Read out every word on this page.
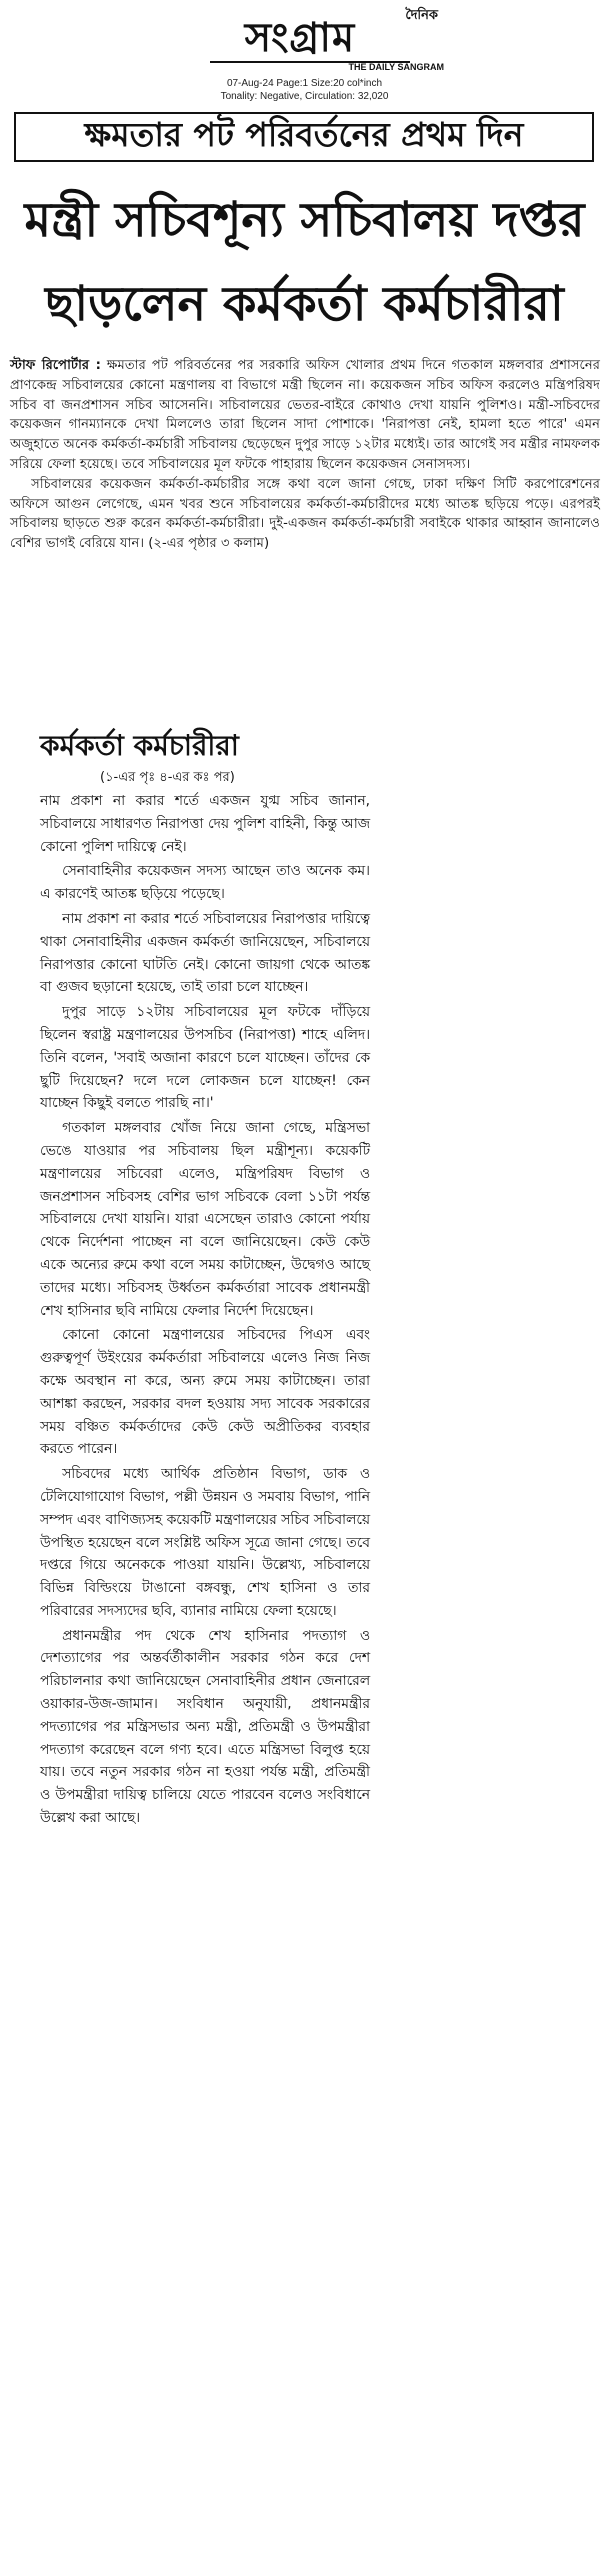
দৈনিক
সংগ্রাম
THE DAILY SANGRAM
07-Aug-24 Page:1 Size:20 col*inch
Tonality: Negative, Circulation: 32,020
ক্ষমতার পট পরিবর্তনের প্রথম দিন
মন্ত্রী সচিবশূন্য সচিবালয় দপ্তর
ছাড়লেন কর্মকর্তা কর্মচারীরা

স্টাফ রিপোর্টার : ক্ষমতার পট পরিবর্তনের পর সরকারি অফিস খোলার প্রথম দিনে গতকাল মঙ্গলবার প্রশাসনের প্রাণকেন্দ্র সচিবালয়ের কোনো মন্ত্রণালয় বা বিভাগে মন্ত্রী ছিলেন না। কয়েকজন সচিব অফিস করলেও মন্ত্রিপরিষদ সচিব বা জনপ্রশাসন সচিব আসেননি। সচিবালয়ের ভেতর-বাইরে কোথাও দেখা যায়নি পুলিশও। মন্ত্রী-সচিবদের কয়েকজন গানম্যানকে দেখা মিললেও তারা ছিলেন সাদা পোশাকে। 'নিরাপত্তা নেই, হামলা হতে পারে' এমন অজুহাতে অনেক কর্মকর্তা-কর্মচারী সচিবালয় ছেড়েছেন দুপুর সাড়ে ১২টার মধ্যেই। তার আগেই সব মন্ত্রীর নামফলক সরিয়ে ফেলা হয়েছে। তবে সচিবালয়ের মূল ফটকে পাহারায় ছিলেন কয়েকজন সেনাসদস্য।

সচিবালয়ের কয়েকজন কর্মকর্তা-কর্মচারীর সঙ্গে কথা বলে জানা গেছে, ঢাকা দক্ষিণ সিটি করপোরেশনের অফিসে আগুন লেগেছে, এমন খবর শুনে সচিবালয়ের কর্মকর্তা-কর্মচারীদের মধ্যে আতঙ্ক ছড়িয়ে পড়ে। এরপরই সচিবালয় ছাড়তে শুরু করেন কর্মকর্তা-কর্মচারীরা। দুই-একজন কর্মকর্তা-কর্মচারী সবাইকে থাকার আহ্বান জানালেও বেশির ভাগই বেরিয়ে যান। (২-এর পৃষ্ঠার ৩ কলাম)

কর্মকর্তা কর্মচারীরা
(১-এর পৃঃ ৪-এর কঃ পর)

নাম প্রকাশ না করার শর্তে একজন যুগ্ম সচিব জানান, সচিবালয়ে সাধারণত নিরাপত্তা দেয় পুলিশ বাহিনী, কিন্তু আজ কোনো পুলিশ দায়িত্বে নেই।

সেনাবাহিনীর কয়েকজন সদস্য আছেন তাও অনেক কম। এ কারণেই আতঙ্ক ছড়িয়ে পড়েছে।

নাম প্রকাশ না করার শর্তে সচিবালয়ের নিরাপত্তার দায়িত্বে থাকা সেনাবাহিনীর একজন কর্মকর্তা জানিয়েছেন, সচিবালয়ে নিরাপত্তার কোনো ঘাটতি নেই। কোনো জায়গা থেকে আতঙ্ক বা গুজব ছড়ানো হয়েছে, তাই তারা চলে যাচ্ছেন।

দুপুর সাড়ে ১২টায় সচিবালয়ের মূল ফটকে দাঁড়িয়ে ছিলেন স্বরাষ্ট্র মন্ত্রণালয়ের উপসচিব (নিরাপত্তা) শাহে এলিদ। তিনি বলেন, 'সবাই অজানা কারণে চলে যাচ্ছেন। তাঁদের কে ছুটি দিয়েছেন? দলে দলে লোকজন চলে যাচ্ছেন! কেন যাচ্ছেন কিছুই বলতে পারছি না।'

গতকাল মঙ্গলবার খোঁজ নিয়ে জানা গেছে, মন্ত্রিসভা ভেঙে যাওয়ার পর সচিবালয় ছিল মন্ত্রীশূন্য। কয়েকটি মন্ত্রণালয়ের সচিবেরা এলেও, মন্ত্রিপরিষদ বিভাগ ও জনপ্রশাসন সচিবসহ বেশির ভাগ সচিবকে বেলা ১১টা পর্যন্ত সচিবালয়ে দেখা যায়নি। যারা এসেছেন তারাও কোনো পর্যায় থেকে নির্দেশনা পাচ্ছেন না বলে জানিয়েছেন। কেউ কেউ একে অন্যের রুমে কথা বলে সময় কাটাচ্ছেন, উদ্বেগও আছে তাদের মধ্যে। সচিবসহ উর্ধ্বতন কর্মকর্তারা সাবেক প্রধানমন্ত্রী শেখ হাসিনার ছবি নামিয়ে ফেলার নির্দেশ দিয়েছেন।

কোনো কোনো মন্ত্রণালয়ের সচিবদের পিএস এবং গুরুত্বপূর্ণ উইংয়ের কর্মকর্তারা সচিবালয়ে এলেও নিজ নিজ কক্ষে অবস্থান না করে, অন্য রুমে সময় কাটাচ্ছেন। তারা আশঙ্কা করছেন, সরকার বদল হওয়ায় সদ্য সাবেক সরকারের সময় বঞ্চিত কর্মকর্তাদের কেউ কেউ অপ্রীতিকর ব্যবহার করতে পারেন।

সচিবদের মধ্যে আর্থিক প্রতিষ্ঠান বিভাগ, ডাক ও টেলিযোগাযোগ বিভাগ, পল্লী উন্নয়ন ও সমবায় বিভাগ, পানি সম্পদ এবং বাণিজ্যসহ কয়েকটি মন্ত্রণালয়ের সচিব সচিবালয়ে উপস্থিত হয়েছেন বলে সংশ্লিষ্ট অফিস সূত্রে জানা গেছে। তবে দপ্তরে গিয়ে অনেককে পাওয়া যায়নি। উল্লেখ্য, সচিবালয়ে বিভিন্ন বিল্ডিংয়ে টাঙানো বঙ্গবন্ধু, শেখ হাসিনা ও তার পরিবারের সদস্যদের ছবি, ব্যানার নামিয়ে ফেলা হয়েছে।

প্রধানমন্ত্রীর পদ থেকে শেখ হাসিনার পদত্যাগ ও দেশত্যাগের পর অন্তর্বর্তীকালীন সরকার গঠন করে দেশ পরিচালনার কথা জানিয়েছেন সেনাবাহিনীর প্রধান জেনারেল ওয়াকার-উজ-জামান। সংবিধান অনুযায়ী, প্রধানমন্ত্রীর পদত্যাগের পর মন্ত্রিসভার অন্য মন্ত্রী, প্রতিমন্ত্রী ও উপমন্ত্রীরা পদত্যাগ করেছেন বলে গণ্য হবে। এতে মন্ত্রিসভা বিলুপ্ত হয়ে যায়। তবে নতুন সরকার গঠন না হওয়া পর্যন্ত মন্ত্রী, প্রতিমন্ত্রী ও উপমন্ত্রীরা দায়িত্ব চালিয়ে যেতে পারবেন বলেও সংবিধানে উল্লেখ করা আছে।
